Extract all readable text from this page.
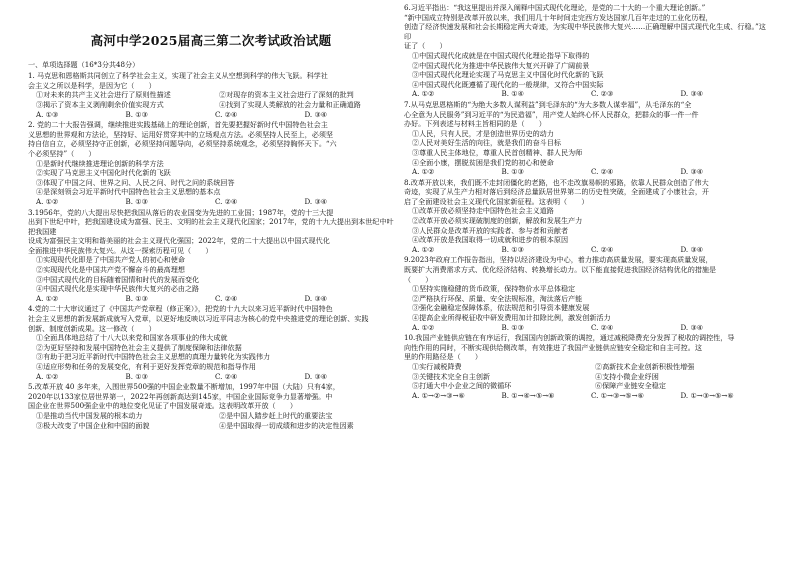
高河中学2025届高三第二次考试政治试题
一、单项选择题（16*3分共48分）

1. 马克思和恩格斯共同创立了科学社会主义，实现了社会主义从空想到科学的伟大飞跃。科学社

会主义之所以是科学，是因为它（　　）

①对未来的共产主义社会进行了原则性描述	②对现存的资本主义社会进行了深刻的批判
③揭示了资本主义剥削剩余价值实现方式	④找到了实现人类解放的社会力量和正确道路
A. ①③	B. ①③	C. ②④	D. ③④

2. 党的二十大报告强调，继续推进实践基础上的理论创新，首先要把握好新时代中国特色社会主

义思想的世界观和方法论，坚持好、运用好贯穿其中的立场观点方法。必须坚持人民至上，必须坚

持自信自立，必须坚持守正创新，必须坚持问题导向，必须坚持系统观念，必须坚持胸怀天下。“六

个必须坚持”（　　）

①是新时代继续推进理论创新的科学方法

②实现了马克思主义中国化时代化新的飞跃

③体现了中国之问、世界之问、人民之问、时代之问的系统回答

④是深刻领会习近平新时代中国特色社会主义思想的基本点

A. ①②	B. ①③	C. ②④	D. ③④

3.1956年，党的八大提出尽快把我国从落后的农业国变为先进的工业国；1987年，党的十三大提

出到下世纪中叶，把我国建设成为富强、民主、文明的社会主义现代化国家；2017年，党的十九大提出到本世纪中叶把我国建

设成为富强民主文明和谐美丽的社会主义现代化强国；2022年，党的二十大提出以中国式现代化

全面推进中华民族伟大复兴。从这一探索历程可见（　　）

①实现现代化即是了中国共产党人的初心和使命

②实现现代化是中国共产党不懈奋斗的最高理想

③中国式现代化的目标随着国情和时代的发展而变化

④中国式现代化是实现中华民族伟大复兴的必由之路

A. ①②	B. ①③	C. ②④	D. ③④

4.党的二十大审议通过了《中国共产党章程（修正案）》，把党的十九大以来习近平新时代中国特色

社会主义思想的新发展新成就写入党章，以更好地反映以习近平同志为核心的党中央推进党的理论创新、实践

创新、制度创新成果。这一修改（　　）

①全面具体地总结了十八大以来党和国家各项事业的伟大成就

②为更好坚持和发展中国特色社会主义提供了制度保障和法律依据

③有助于把习近平新时代中国特色社会主义思想的真理力量转化为实践伟力

④适应形势和任务的发展变化，有利于更好发挥党章的规范和指导作用

A. ①②	B. ①③	C. ②④	D. ③④

5.改革开放 40 多年来，入围世界500强的中国企业数量不断增加，1997年中国（大陆）只有4家，

2020年以133家位居世界第一，2022年再创新高达到145家，中国企业国际竞争力显著增强。中

国企业在世界500强企业中的地位变化见证了中国发展奇迹。这表明改革开放（　　）

①是推动当代中国发展的根本动力	②是中国人踏步赶上时代的重要法宝
③极大改变了中国企业和中国的面貌	④是中国取得一切成绩和进步的决定性因素

6.习近平指出：“我这里提出并深入阐释中国式现代化理论，是党的二十大的一个重大理论创新。”

“新中国成立特别是改革开放以来，我们用几十年时间走完西方发达国家几百年走过的工业化历程，

创造了经济快速发展和社会长期稳定两大奇迹，为实现中华民族伟大复兴……正确理解中国式现代化生成、行稳。”这印

证了（　　）

①中国式现代化成就是在中国式现代化理论指导下取得的

②中国式现代化为推进中华民族伟大复兴开辟了广阔前景

③中国式现代化理论实现了马克思主义中国化时代化新的飞跃

④中国式现代化既遵循了现代化的一般规律，又符合中国实际

A. ①②	B. ①④	C. ②③	D. ③④

7.从马克思恩格斯的“为绝大多数人谋利益”到毛泽东的“为大多数人谋幸福”，从毛泽东的“全

心全意为人民服务”到习近平的“为民造福”，用产党人始终心怀人民群众，把群众的事一件一件

办好。下列表述与材料主旨相同的是（　　）

①人民，只有人民，才是创造世界历史的动力

②人民对美好生活的向往，就是我们的奋斗目标

③尊重人民主体地位，尊重人民首创精神、群人民为师

④全面小康，摆脱贫困是我们党的初心和使命

A. ①②	B. ①③	C. ②④	D. ③④

8.改革开放以来，我们既不走封闭僵化的老路，也不走改旗易帜的邪路，依靠人民群众创造了伟大

奇迹，实现了从生产力相对落后到经济总量跃居世界第二的历史性突破，全面建成了小康社会，开

启了全面建设社会主义现代化国家新征程。这表明（　　）

①改革开放必须坚持走中国特色社会主义道路

②改革开放必须实现破制度的创新，解放和发展生产力

③人民群众是改革开放的实践者、参与者和贡献者

④改革开放是我国取得一切成就和进步的根本原因

A. ①②	B. ①③	C. ②④	D. ③④

9.2023年政府工作报告指出，坚持以经济建设为中心，着力推动高质量发展，要实现高质量发展，

既要扩大消费需求方式、优化经济结构、转换增长动力。以下能直接促进我国经济结构优化的措施是

（　　）

①坚持实施稳健的货币政策，保持物价水平总体稳定

②严格执行环保、质量、安全法规标准，淘汰落后产能

③强化金融稳定保障体系，依法规范和引导资本健康发展

④提高企业所得税征收中研发费用加计扣除比例，激发创新活力

A. ①②	B. ①③	C. ②④	D. ③④

10.我国产业链供应链在有序运行，我国国内创新政策的调控，通过减税降费充分发挥了税收的调控性，导

向性作用的同时，不断实现供给侧改革，有效推进了我国产业链供应链安全稳定和自主可控。这

里的作用路径是（　　）

①实行减税降费	②高新技术企业创新积极性增强
③关键技术完全自主创新	④支持小微企业纾困
⑤打通大中小企业之间的微循环	⑥保障产业链安全稳定
A. ①→②→③→⑥	B. ①→④→⑤→⑥	C. ①→③→⑤→⑥	D. ①→③→⑤→⑥
